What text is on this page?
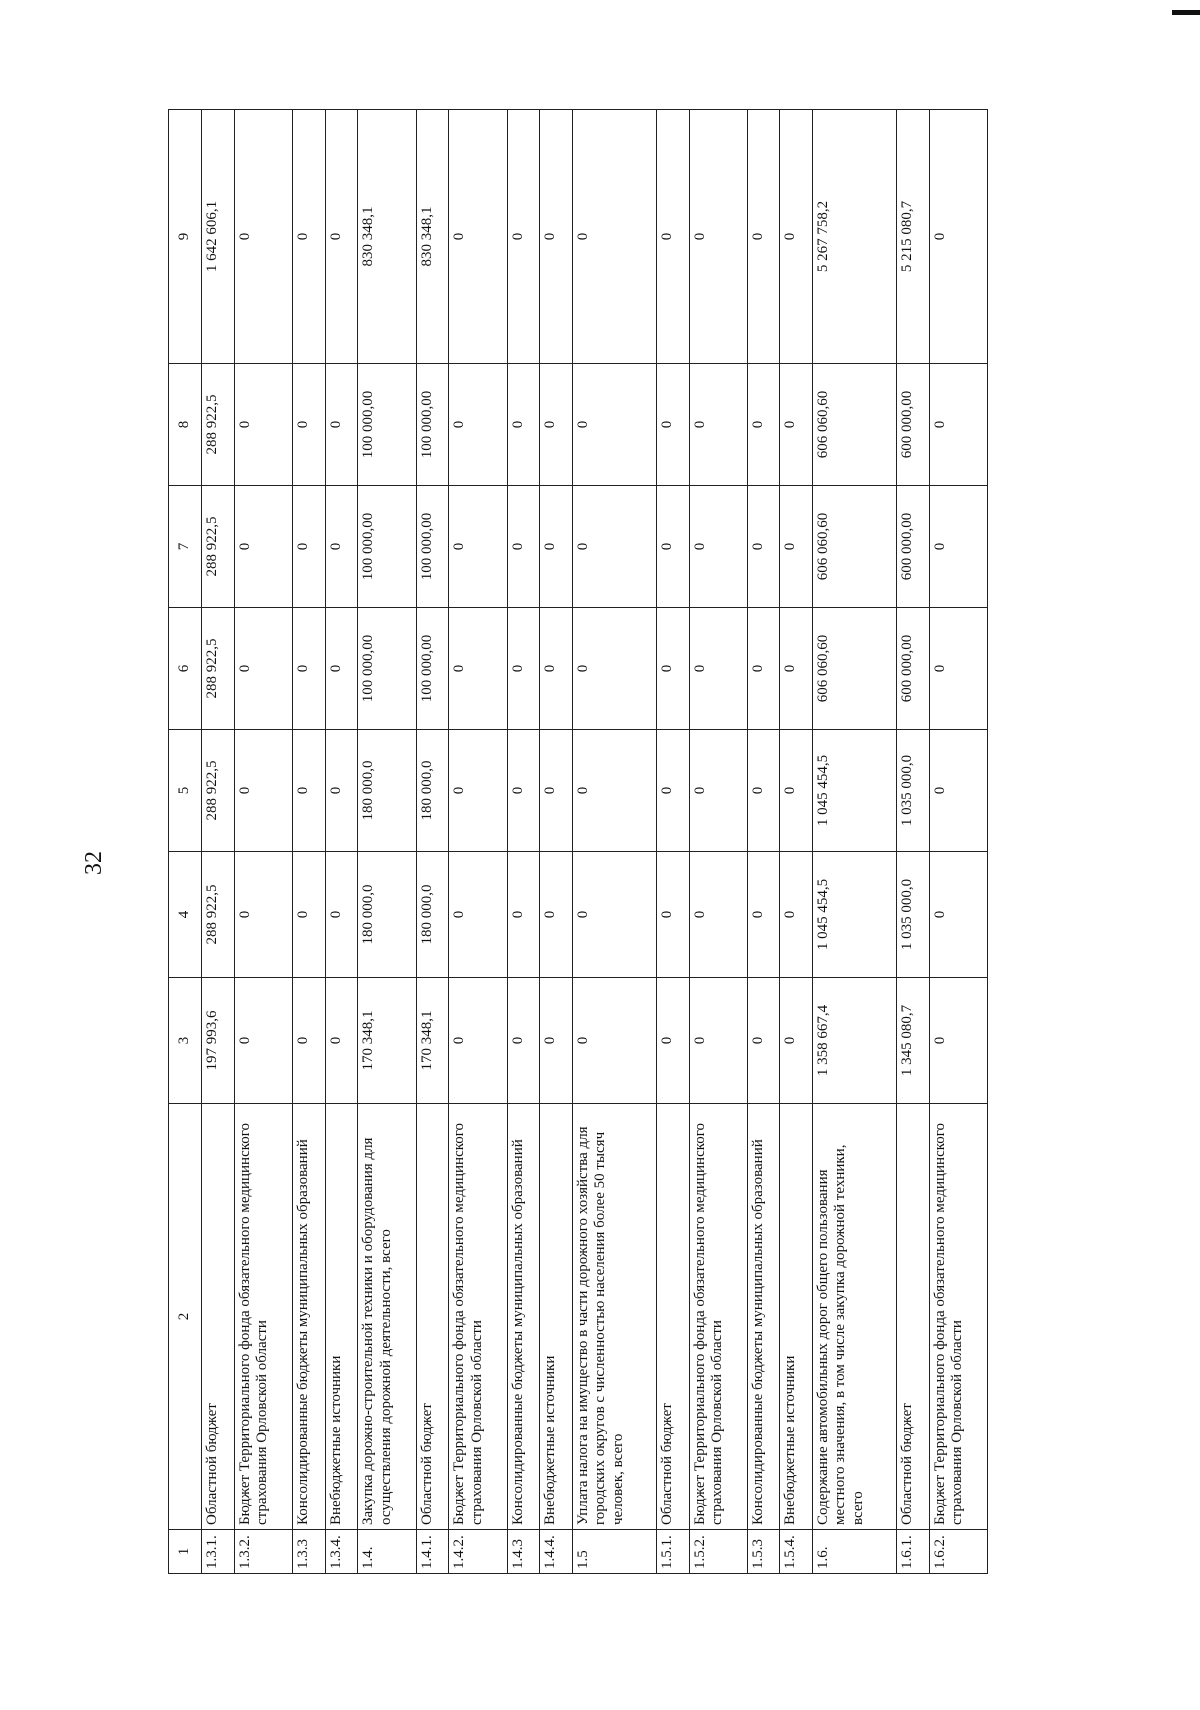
32
1	2	3	4	5	6	7	8	9
1.3.1.	Областной бюджет	197 993,6	288 922,5	288 922,5	288 922,5	288 922,5	288 922,5	1 642 606,1
1.3.2.	Бюджет Территориального фонда обязательного медицинского страхования Орловской области	0	0	0	0	0	0	0
1.3.3	Консолидированные бюджеты муниципальных образований	0	0	0	0	0	0	0
1.3.4.	Внебюджетные источники	0	0	0	0	0	0	0
1.4.	Закупка дорожно-строительной техники и оборудования для осуществления дорожной деятельности, всего	170 348,1	180 000,0	180 000,0	100 000,00	100 000,00	100 000,00	830 348,1
1.4.1.	Областной бюджет	170 348,1	180 000,0	180 000,0	100 000,00	100 000,00	100 000,00	830 348,1
1.4.2.	Бюджет Территориального фонда обязательного медицинского страхования Орловской области	0	0	0	0	0	0	0
1.4.3	Консолидированные бюджеты муниципальных образований	0	0	0	0	0	0	0
1.4.4.	Внебюджетные источники	0	0	0	0	0	0	0
1.5	Уплата налога на имущество в части дорожного хозяйства для городских округов с численностью населения более 50 тысяч человек, всего	0	0	0	0	0	0	0
1.5.1.	Областной бюджет	0	0	0	0	0	0	0
1.5.2.	Бюджет Территориального фонда обязательного медицинского страхования Орловской области	0	0	0	0	0	0	0
1.5.3	Консолидированные бюджеты муниципальных образований	0	0	0	0	0	0	0
1.5.4.	Внебюджетные источники	0	0	0	0	0	0	0
1.6.	Содержание автомобильных дорог общего пользования местного значения, в том числе закупка дорожной техники, всего	1 358 667,4	1 045 454,5	1 045 454,5	606 060,60	606 060,60	606 060,60	5 267 758,2
1.6.1.	Областной бюджет	1 345 080,7	1 035 000,0	1 035 000,0	600 000,00	600 000,00	600 000,00	5 215 080,7
1.6.2.	Бюджет Территориального фонда обязательного медицинского страхования Орловской области	0	0	0	0	0	0	0
